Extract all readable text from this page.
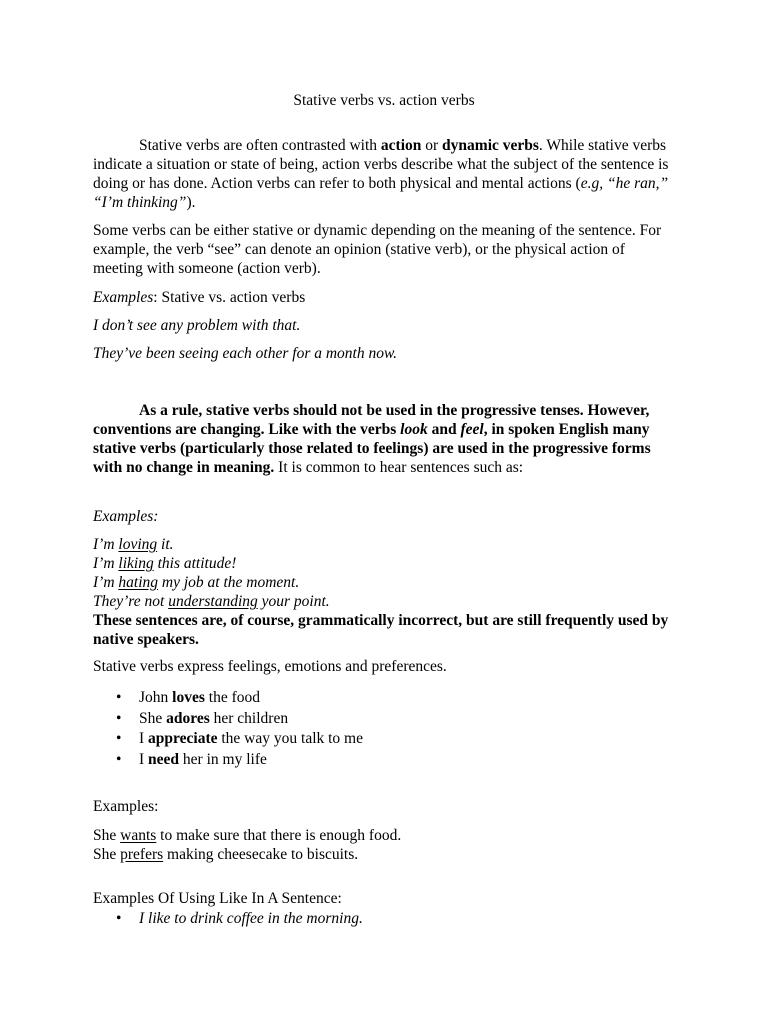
Stative verbs vs. action verbs

Stative verbs are often contrasted with action or dynamic verbs. While stative verbs indicate a situation or state of being, action verbs describe what the subject of the sentence is doing or has done. Action verbs can refer to both physical and mental actions (e.g, “he ran,” “I’m thinking”).

Some verbs can be either stative or dynamic depending on the meaning of the sentence. For example, the verb “see” can denote an opinion (stative verb), or the physical action of meeting with someone (action verb).

Examples: Stative vs. action verbs

I don’t see any problem with that.

They’ve been seeing each other for a month now.

As a rule, stative verbs should not be used in the progressive tenses. However, conventions are changing. Like with the verbs look and feel, in spoken English many stative verbs (particularly those related to feelings) are used in the progressive forms with no change in meaning. It is common to hear sentences such as:

Examples:

I’m loving it.
I’m liking this attitude!
I’m hating my job at the moment.
They’re not understanding your point.
These sentences are, of course, grammatically incorrect, but are still frequently used by native speakers.

Stative verbs express feelings, emotions and preferences.

• John loves the food
• She adores her children
• I appreciate the way you talk to me
• I need her in my life

Examples:

She wants to make sure that there is enough food.
She prefers making cheesecake to biscuits.

Examples Of Using Like In A Sentence:

• I like to drink coffee in the morning.
